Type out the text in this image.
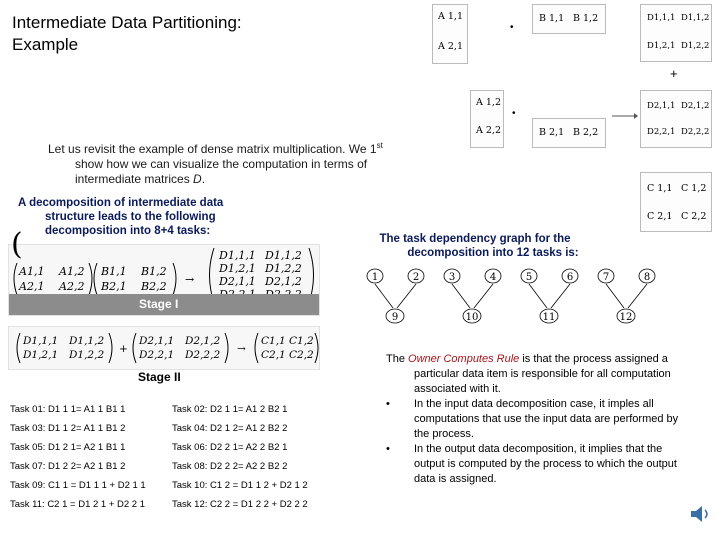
Intermediate Data Partitioning:
Example
Let us revisit the example of dense matrix multiplication. We 1st
show how we can visualize the computation in terms of
intermediate matrices D.
A decomposition of intermediate data
structure leads to the following
decomposition into 8+4 tasks:
The task dependency graph for the
decomposition into 12 tasks is:
(
A1,1 A1,2
A2,1 A2,2
B1,1 B1,2
B2,1 B2,2
→
D1,1,1 D1,1,2
D1,2,1 D1,2,2
D2,1,1 D2,1,2
Stage I
D1,1,1 D1,1,2
D1,2,1 D1,2,2 +
D2,1,1 D2,1,2
D2,2,1 D2,2,2 →
C1,1 C1,2
C2,1 C2,2
Stage II
Task 01: D1 1 1= A1 1 B1 1	Task 02: D2 1 1= A1 2 B2 1
Task 03: D1 1 2= A1 1 B1 2	Task 04: D2 1 2= A1 2 B2 2
Task 05: D1 2 1= A2 1 B1 1	Task 06: D2 2 1= A2 2 B2 1
Task 07: D1 2 2= A2 1 B1 2	Task 08: D2 2 2= A2 2 B2 2
Task 09: C1 1 = D1 1 1 + D2 1 1	Task 10: C1 2 = D1 1 2 + D2 1 2
Task 11: C2 1 = D1 2 1 + D2 2 1	Task 12: C2 2 = D1 2 2 + D2 2 2
1	2	3	4	5	6	7	8
9	10	11	12
The Owner Computes Rule is that the process assigned a
particular data item is responsible for all computation
associated with it.
• In the input data decomposition case, it imples all
computations that use the input data are performed by
the process.
• In the output data decomposition, it implies that the
output is computed by the process to which the output
data is assigned.
A 1,1
A 2,1
•
B 1,1 B 1,2	D1,1,1 D1,1,2
D1,2,1 D1,2,2
+
A 1,2
A 2,2
•
B 2,1 B 2,2
D2,1,1 D2,1,2
D2,2,1 D2,2,2
C 1,1 C 1,2
C 2,1 C 2,2
